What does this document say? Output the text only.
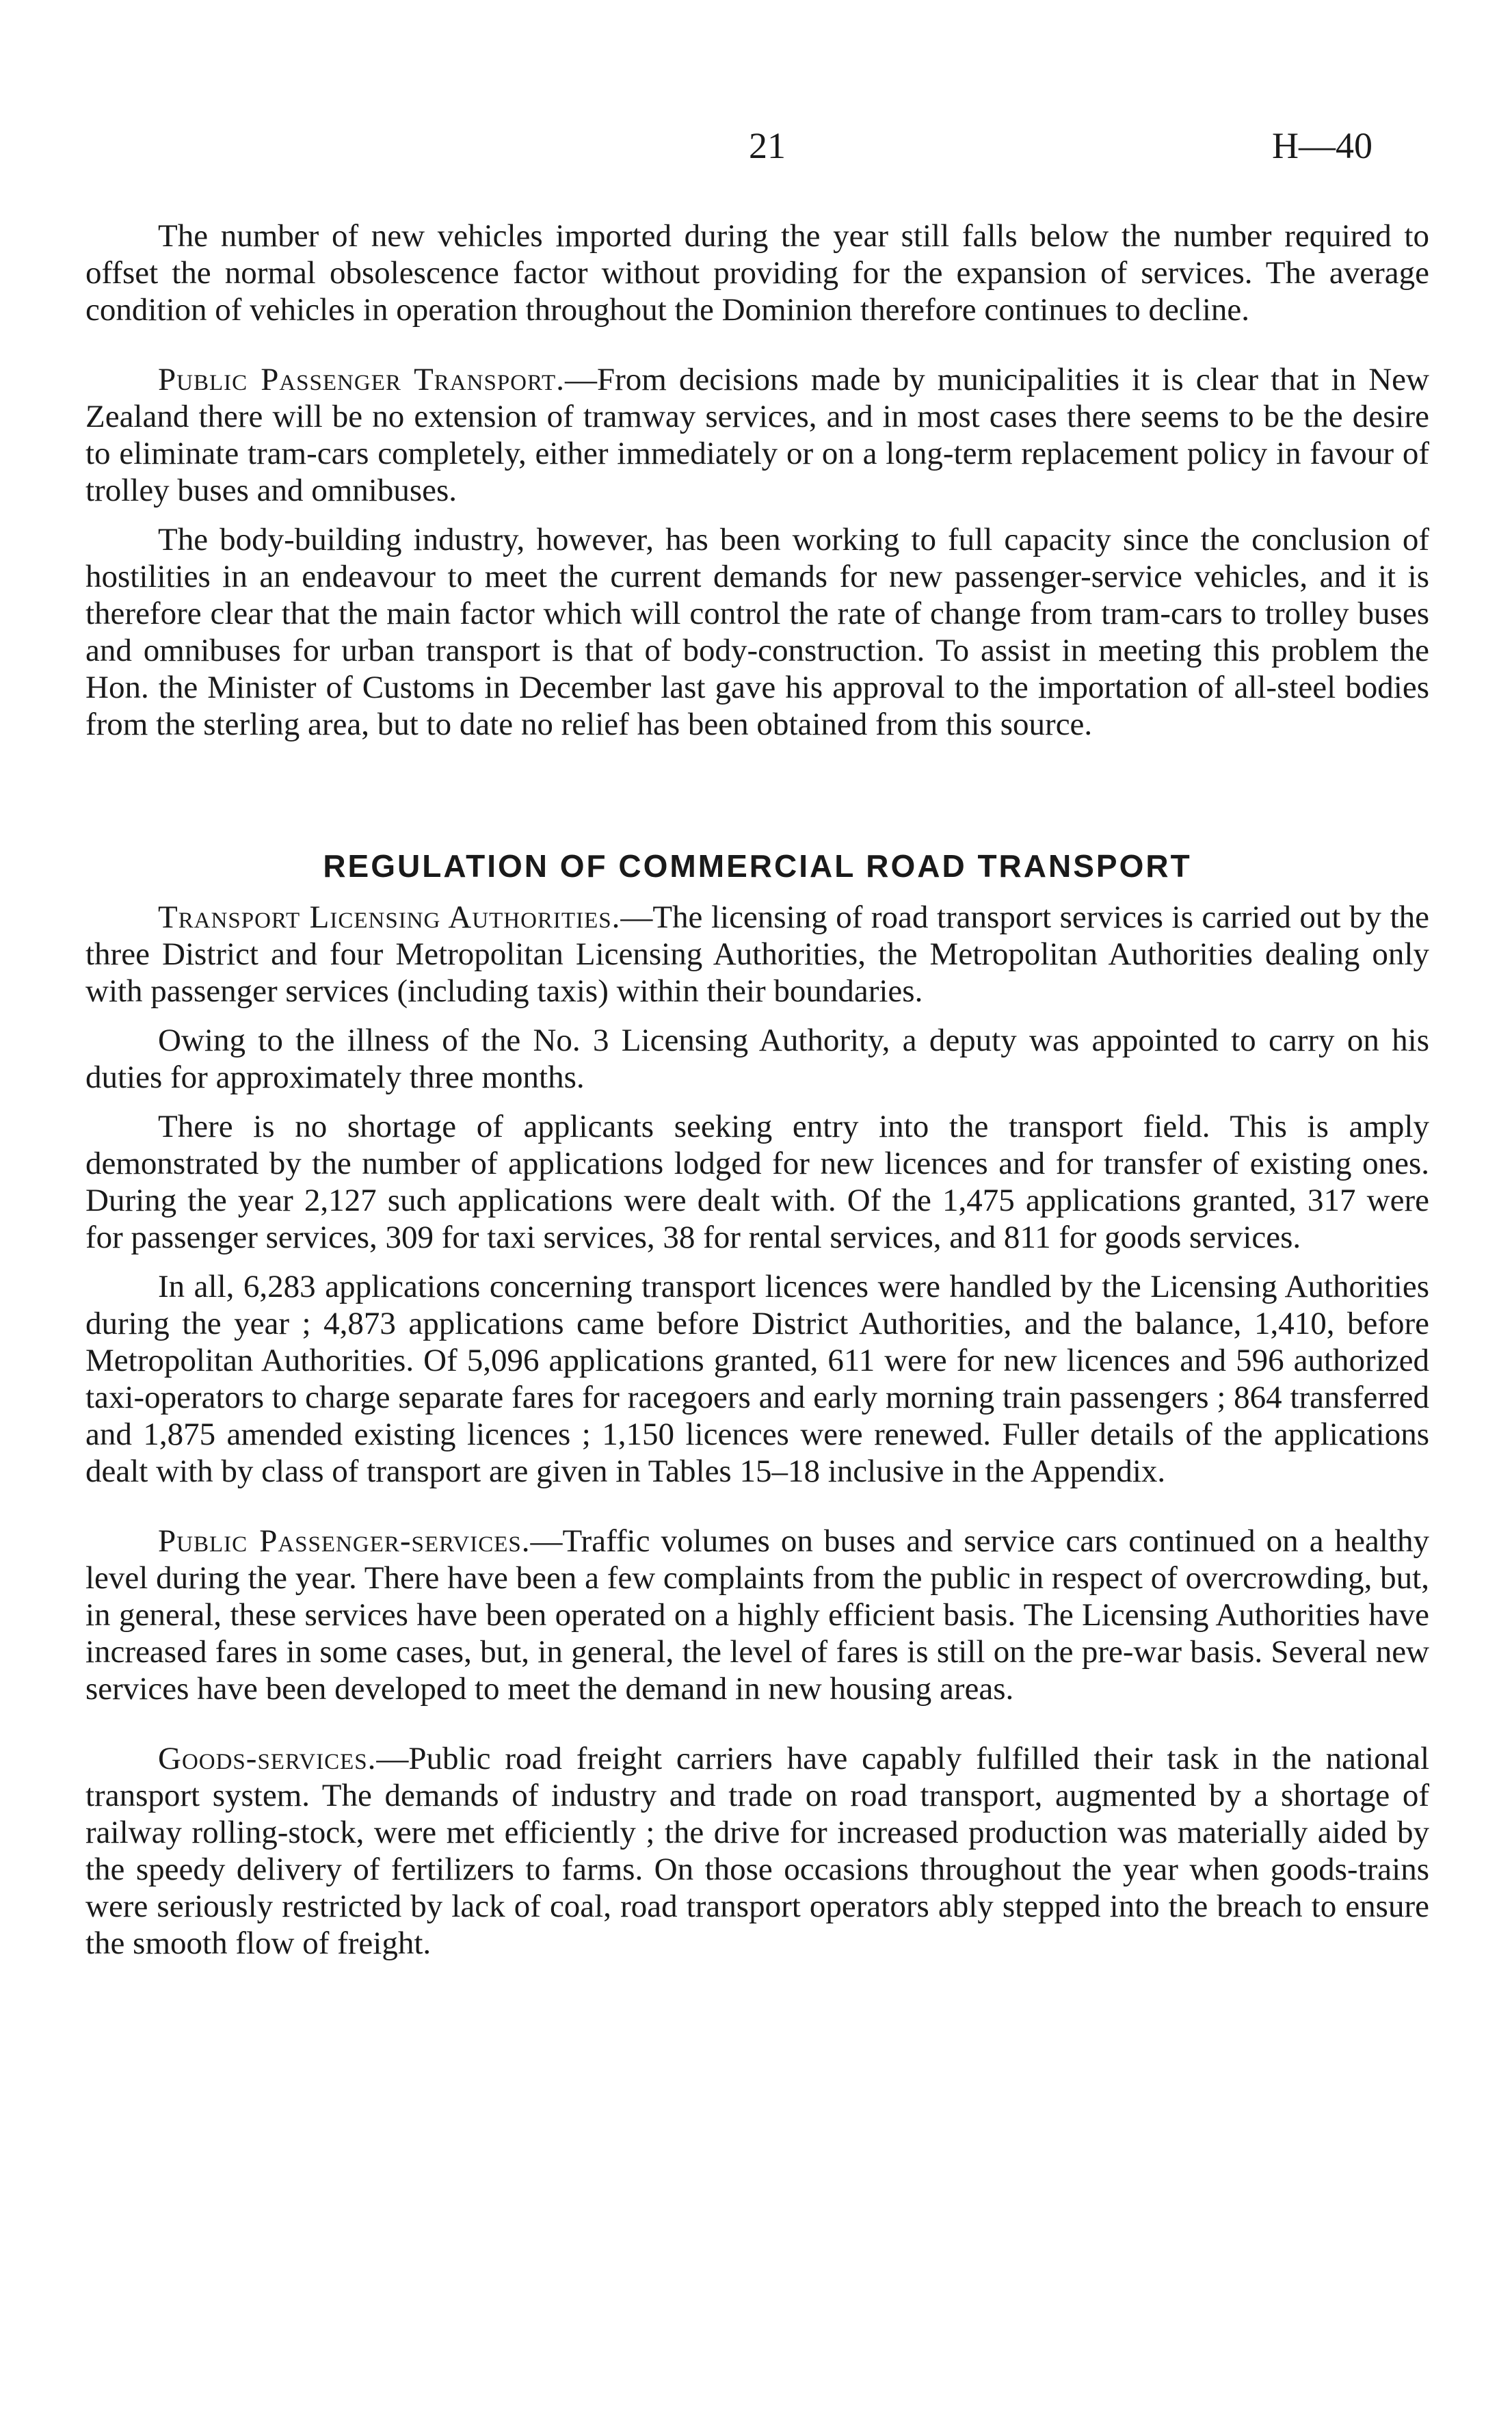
21	H—40

The number of new vehicles imported during the year still falls below the number required to offset the normal obsolescence factor without providing for the expansion of services. The average condition of vehicles in operation throughout the Dominion therefore continues to decline.

Public Passenger Transport.—From decisions made by municipalities it is clear that in New Zealand there will be no extension of tramway services, and in most cases there seems to be the desire to eliminate tram-cars completely, either immediately or on a long-term replacement policy in favour of trolley buses and omnibuses.

The body-building industry, however, has been working to full capacity since the conclusion of hostilities in an endeavour to meet the current demands for new passenger-service vehicles, and it is therefore clear that the main factor which will control the rate of change from tram-cars to trolley buses and omnibuses for urban transport is that of body-construction. To assist in meeting this problem the Hon. the Minister of Customs in December last gave his approval to the importation of all-steel bodies from the sterling area, but to date no relief has been obtained from this source.

REGULATION OF COMMERCIAL ROAD TRANSPORT

Transport Licensing Authorities.—The licensing of road transport services is carried out by the three District and four Metropolitan Licensing Authorities, the Metropolitan Authorities dealing only with passenger services (including taxis) within their boundaries.

Owing to the illness of the No. 3 Licensing Authority, a deputy was appointed to carry on his duties for approximately three months.

There is no shortage of applicants seeking entry into the transport field. This is amply demonstrated by the number of applications lodged for new licences and for transfer of existing ones. During the year 2,127 such applications were dealt with. Of the 1,475 applications granted, 317 were for passenger services, 309 for taxi services, 38 for rental services, and 811 for goods services.

In all, 6,283 applications concerning transport licences were handled by the Licensing Authorities during the year ; 4,873 applications came before District Authorities, and the balance, 1,410, before Metropolitan Authorities. Of 5,096 applications granted, 611 were for new licences and 596 authorized taxi-operators to charge separate fares for racegoers and early morning train passengers ; 864 transferred and 1,875 amended existing licences ; 1,150 licences were renewed. Fuller details of the applications dealt with by class of transport are given in Tables 15–18 inclusive in the Appendix.

Public Passenger-services.—Traffic volumes on buses and service cars continued on a healthy level during the year. There have been a few complaints from the public in respect of overcrowding, but, in general, these services have been operated on a highly efficient basis. The Licensing Authorities have increased fares in some cases, but, in general, the level of fares is still on the pre-war basis. Several new services have been developed to meet the demand in new housing areas.

Goods-services.—Public road freight carriers have capably fulfilled their task in the national transport system. The demands of industry and trade on road transport, augmented by a shortage of railway rolling-stock, were met efficiently ; the drive for increased production was materially aided by the speedy delivery of fertilizers to farms. On those occasions throughout the year when goods-trains were seriously restricted by lack of coal, road transport operators ably stepped into the breach to ensure the smooth flow of freight.
